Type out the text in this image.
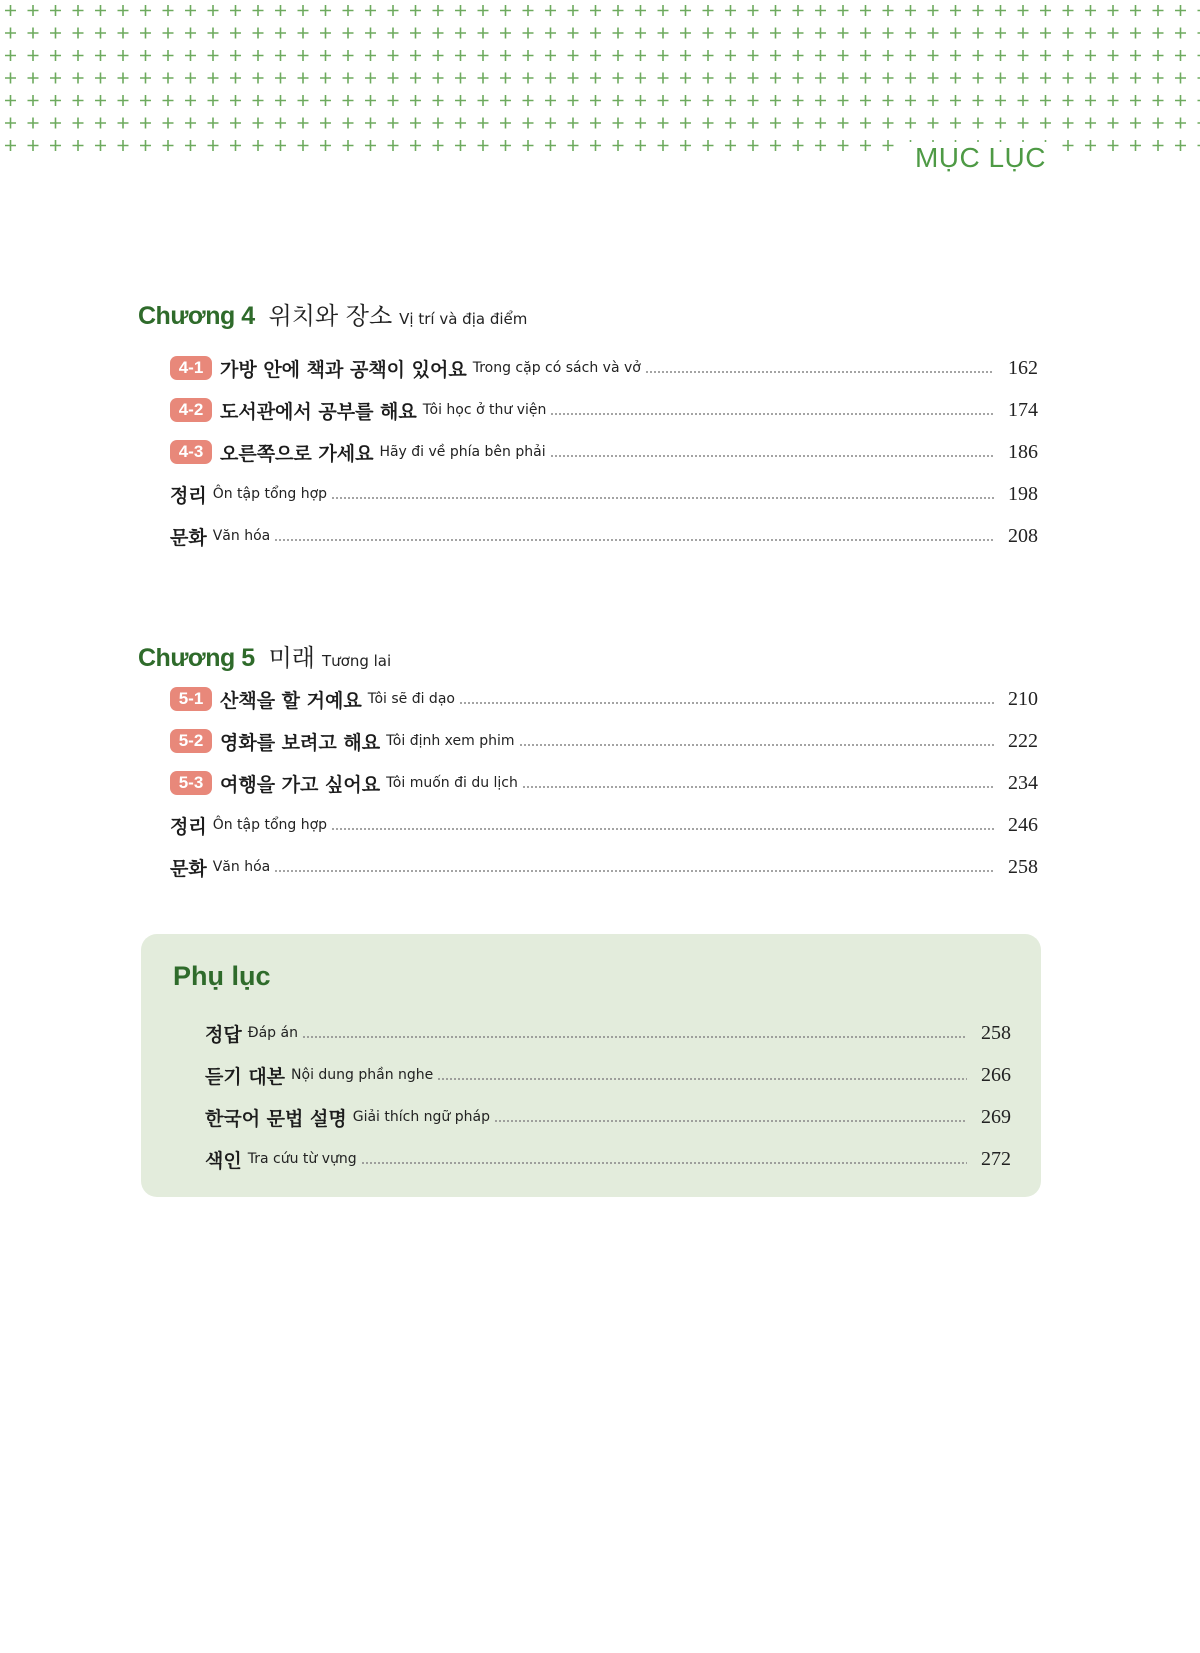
MỤC LỤC
Chương 4 위치와 장소 Vị trí và địa điểm
4-1 가방 안에 책과 공책이 있어요 Trong cặp có sách và vở	162
4-2 도서관에서 공부를 해요 Tôi học ở thư viện	174
4-3 오른쪽으로 가세요 Hãy đi về phía bên phải	186
정리 Ôn tập tổng hợp	198
문화 Văn hóa	208
Chương 5 미래 Tương lai
5-1 산책을 할 거예요 Tôi sẽ đi dạo	210
5-2 영화를 보려고 해요 Tôi định xem phim	222
5-3 여행을 가고 싶어요 Tôi muốn đi du lịch	234
정리 Ôn tập tổng hợp	246
문화 Văn hóa	258
Phụ lục
정답 Đáp án	258
듣기 대본 Nội dung phần nghe	266
한국어 문법 설명 Giải thích ngữ pháp	269
색인 Tra cứu từ vựng	272
